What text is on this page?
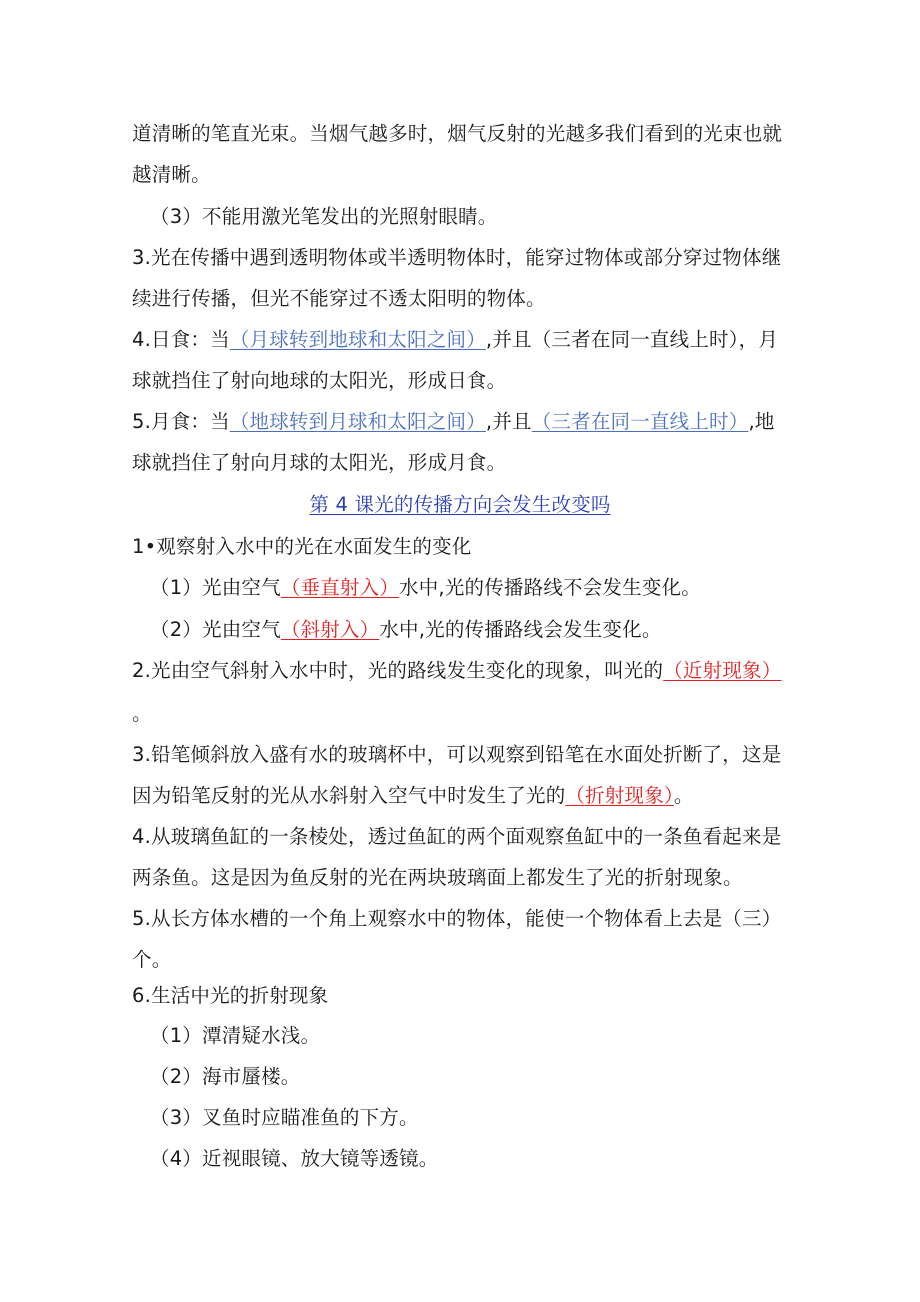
道清晰的笔直光束。当烟气越多时，烟气反射的光越多我们看到的光束也就
越清晰。
（3）不能用激光笔发出的光照射眼睛。
3.光在传播中遇到透明物体或半透明物体时，能穿过物体或部分穿过物体继
续进行传播，但光不能穿过不透太阳明的物体。
4.日食：当（月球转到地球和太阳之间）,并且（三者在同一直线上时），月
球就挡住了射向地球的太阳光，形成日食。
5.月食：当（地球转到月球和太阳之间）,并且（三者在同一直线上时）,地
球就挡住了射向月球的太阳光，形成月食。
第 4 课光的传播方向会发生改变吗
1•观察射入水中的光在水面发生的变化
（1）光由空气（垂直射入）水中,光的传播路线不会发生变化。
（2）光由空气（斜射入）水中,光的传播路线会发生变化。
2.光由空气斜射入水中时，光的路线发生变化的现象，叫光的（近射现象）
。
3.铅笔倾斜放入盛有水的玻璃杯中，可以观察到铅笔在水面处折断了，这是
因为铅笔反射的光从水斜射入空气中时发生了光的（折射现象）。
4.从玻璃鱼缸的一条棱处，透过鱼缸的两个面观察鱼缸中的一条鱼看起来是
两条鱼。这是因为鱼反射的光在两块玻璃面上都发生了光的折射现象。
5.从长方体水槽的一个角上观察水中的物体，能使一个物体看上去是（三）
个。
6.生活中光的折射现象
（1）潭清疑水浅。
（2）海市蜃楼。
（3）叉鱼时应瞄准鱼的下方。
（4）近视眼镜、放大镜等透镜。
